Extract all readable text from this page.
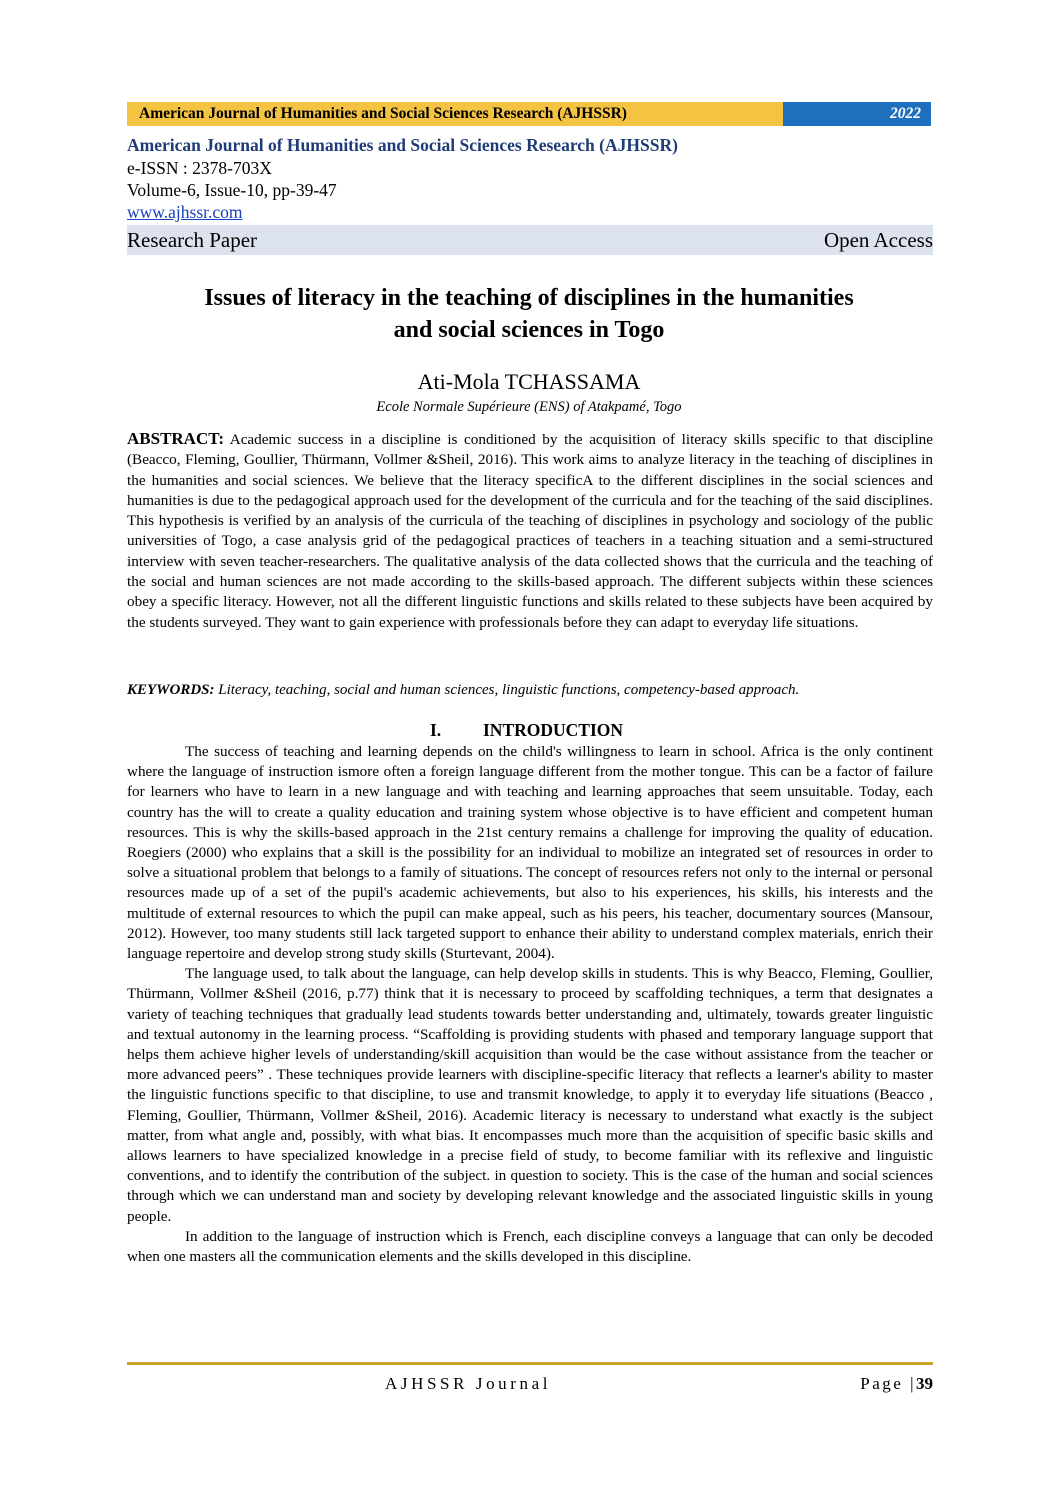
American Journal of Humanities and Social Sciences Research (AJHSSR)	2022
American Journal of Humanities and Social Sciences Research (AJHSSR)
e-ISSN : 2378-703X
Volume-6, Issue-10, pp-39-47
www.ajhssr.com
Research Paper	Open Access
Issues of literacy in the teaching of disciplines in the humanities
and social sciences in Togo
Ati-Mola TCHASSAMA
Ecole Normale Supérieure (ENS) of Atakpamé, Togo
ABSTRACT: Academic success in a discipline is conditioned by the acquisition of literacy skills specific to that discipline (Beacco, Fleming, Goullier, Thürmann, Vollmer &Sheil, 2016). This work aims to analyze literacy in the teaching of disciplines in the humanities and social sciences. We believe that the literacy specificA to the different disciplines in the social sciences and humanities is due to the pedagogical approach used for the development of the curricula and for the teaching of the said disciplines. This hypothesis is verified by an analysis of the curricula of the teaching of disciplines in psychology and sociology of the public universities of Togo, a case analysis grid of the pedagogical practices of teachers in a teaching situation and a semi-structured interview with seven teacher-researchers. The qualitative analysis of the data collected shows that the curricula and the teaching of the social and human sciences are not made according to the skills-based approach. The different subjects within these sciences obey a specific literacy. However, not all the different linguistic functions and skills related to these subjects have been acquired by the students surveyed. They want to gain experience with professionals before they can adapt to everyday life situations.
KEYWORDS: Literacy, teaching, social and human sciences, linguistic functions, competency-based approach.
I. INTRODUCTION

The success of teaching and learning depends on the child's willingness to learn in school. Africa is the only continent where the language of instruction ismore often a foreign language different from the mother tongue. This can be a factor of failure for learners who have to learn in a new language and with teaching and learning approaches that seem unsuitable. Today, each country has the will to create a quality education and training system whose objective is to have efficient and competent human resources. This is why the skills-based approach in the 21st century remains a challenge for improving the quality of education. Roegiers (2000) who explains that a skill is the possibility for an individual to mobilize an integrated set of resources in order to solve a situational problem that belongs to a family of situations. The concept of resources refers not only to the internal or personal resources made up of a set of the pupil's academic achievements, but also to his experiences, his skills, his interests and the multitude of external resources to which the pupil can make appeal, such as his peers, his teacher, documentary sources (Mansour, 2012). However, too many students still lack targeted support to enhance their ability to understand complex materials, enrich their language repertoire and develop strong study skills (Sturtevant, 2004).

The language used, to talk about the language, can help develop skills in students. This is why Beacco, Fleming, Goullier, Thürmann, Vollmer &Sheil (2016, p.77) think that it is necessary to proceed by scaffolding techniques, a term that designates a variety of teaching techniques that gradually lead students towards better understanding and, ultimately, towards greater linguistic and textual autonomy in the learning process. “Scaffolding is providing students with phased and temporary language support that helps them achieve higher levels of understanding/skill acquisition than would be the case without assistance from the teacher or more advanced peers” . These techniques provide learners with discipline-specific literacy that reflects a learner's ability to master the linguistic functions specific to that discipline, to use and transmit knowledge, to apply it to everyday life situations (Beacco , Fleming, Goullier, Thürmann, Vollmer &Sheil, 2016). Academic literacy is necessary to understand what exactly is the subject matter, from what angle and, possibly, with what bias. It encompasses much more than the acquisition of specific basic skills and allows learners to have specialized knowledge in a precise field of study, to become familiar with its reflexive and linguistic conventions, and to identify the contribution of the subject. in question to society. This is the case of the human and social sciences through which we can understand man and society by developing relevant knowledge and the associated linguistic skills in young people.

In addition to the language of instruction which is French, each discipline conveys a language that can only be decoded when one masters all the communication elements and the skills developed in this discipline.

AJHSSR Journal	Page |39
